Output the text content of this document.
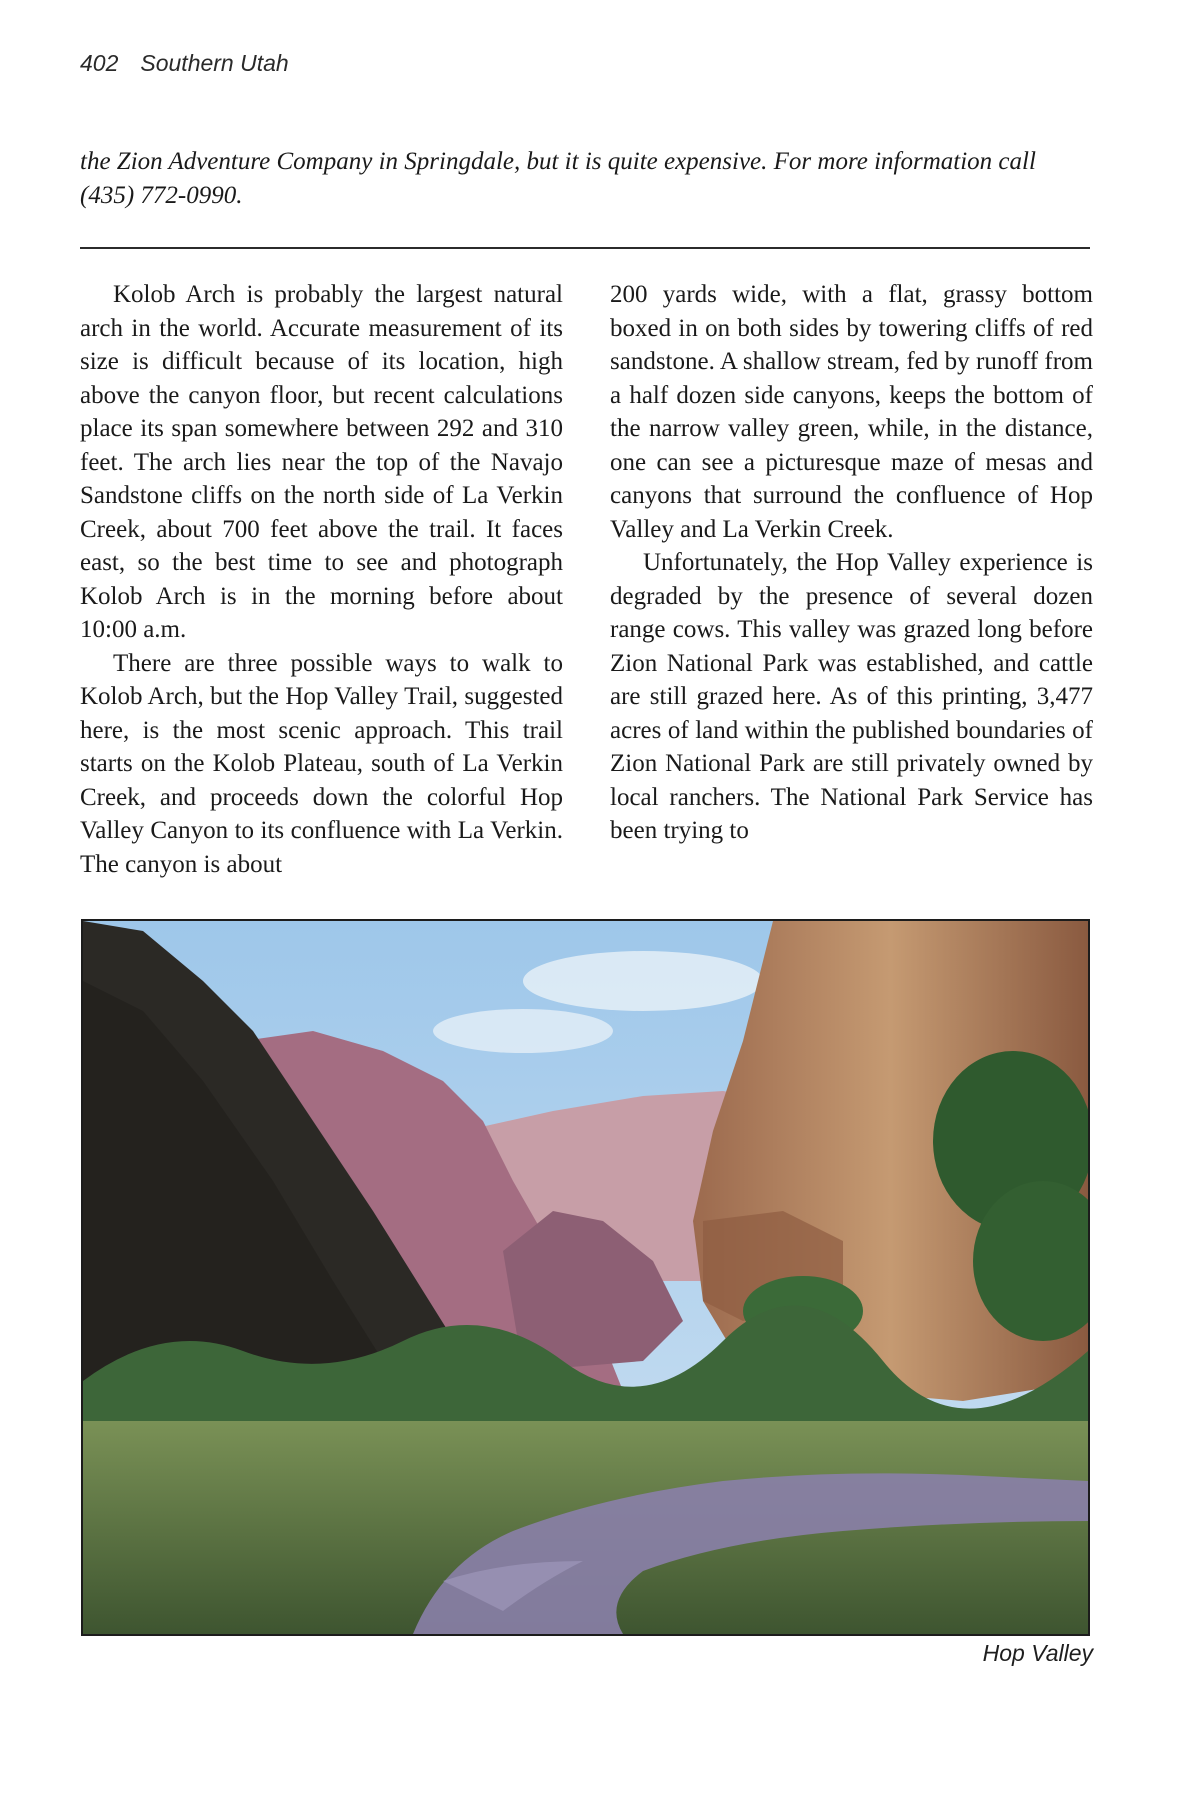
402 Southern Utah

the Zion Adventure Company in Springdale, but it is quite expensive. For more information call (435) 772-0990.

Kolob Arch is probably the largest natural arch in the world. Accurate measurement of its size is difficult because of its location, high above the canyon floor, but recent calculations place its span somewhere between 292 and 310 feet. The arch lies near the top of the Navajo Sandstone cliffs on the north side of La Verkin Creek, about 700 feet above the trail. It faces east, so the best time to see and photograph Kolob Arch is in the morning before about 10:00 a.m.

There are three possible ways to walk to Kolob Arch, but the Hop Valley Trail, suggested here, is the most scenic approach. This trail starts on the Kolob Plateau, south of La Verkin Creek, and proceeds down the colorful Hop Valley Canyon to its confluence with La Verkin. The canyon is about

200 yards wide, with a flat, grassy bottom boxed in on both sides by towering cliffs of red sandstone. A shallow stream, fed by runoff from a half dozen side canyons, keeps the bottom of the narrow valley green, while, in the distance, one can see a picturesque maze of mesas and canyons that surround the confluence of Hop Valley and La Verkin Creek.

Unfortunately, the Hop Valley experience is degraded by the presence of several dozen range cows. This valley was grazed long before Zion National Park was established, and cattle are still grazed here. As of this printing, 3,477 acres of land within the published boundaries of Zion National Park are still privately owned by local ranchers. The National Park Service has been trying to

Hop Valley
